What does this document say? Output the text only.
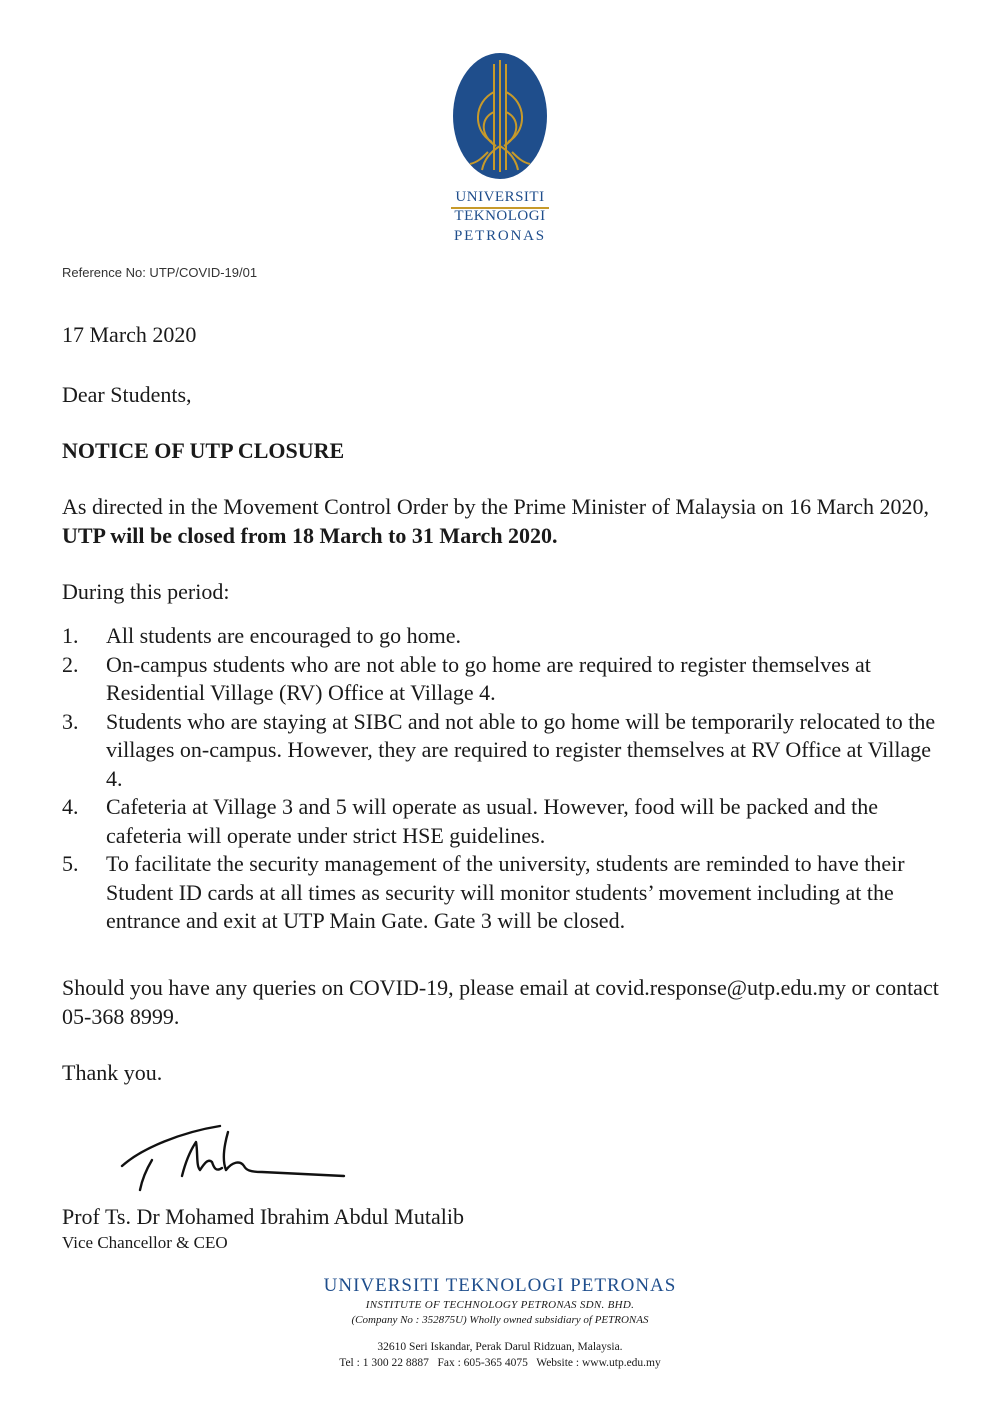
UNIVERSITI
TEKNOLOGI
PETRONAS
Reference No: UTP/COVID-19/01
17 March 2020
Dear Students,
NOTICE OF UTP CLOSURE
As directed in the Movement Control Order by the Prime Minister of Malaysia on 16 March 2020, UTP will be closed from 18 March to 31 March 2020.
During this period:
1. All students are encouraged to go home.
2. On-campus students who are not able to go home are required to register themselves at Residential Village (RV) Office at Village 4.
3. Students who are staying at SIBC and not able to go home will be temporarily relocated to the villages on-campus. However, they are required to register themselves at RV Office at Village 4.
4. Cafeteria at Village 3 and 5 will operate as usual. However, food will be packed and the cafeteria will operate under strict HSE guidelines.
5. To facilitate the security management of the university, students are reminded to have their Student ID cards at all times as security will monitor students’ movement including at the entrance and exit at UTP Main Gate. Gate 3 will be closed.
Should you have any queries on COVID-19, please email at covid.response@utp.edu.my or contact 05-368 8999.
Thank you.
Prof Ts. Dr Mohamed Ibrahim Abdul Mutalib
Vice Chancellor & CEO
UNIVERSITI TEKNOLOGI PETRONAS
INSTITUTE OF TECHNOLOGY PETRONAS SDN. BHD.
(Company No : 352875U) Wholly owned subsidiary of PETRONAS
32610 Seri Iskandar, Perak Darul Ridzuan, Malaysia.
Tel : 1 300 22 8887   Fax : 605-365 4075   Website : www.utp.edu.my
